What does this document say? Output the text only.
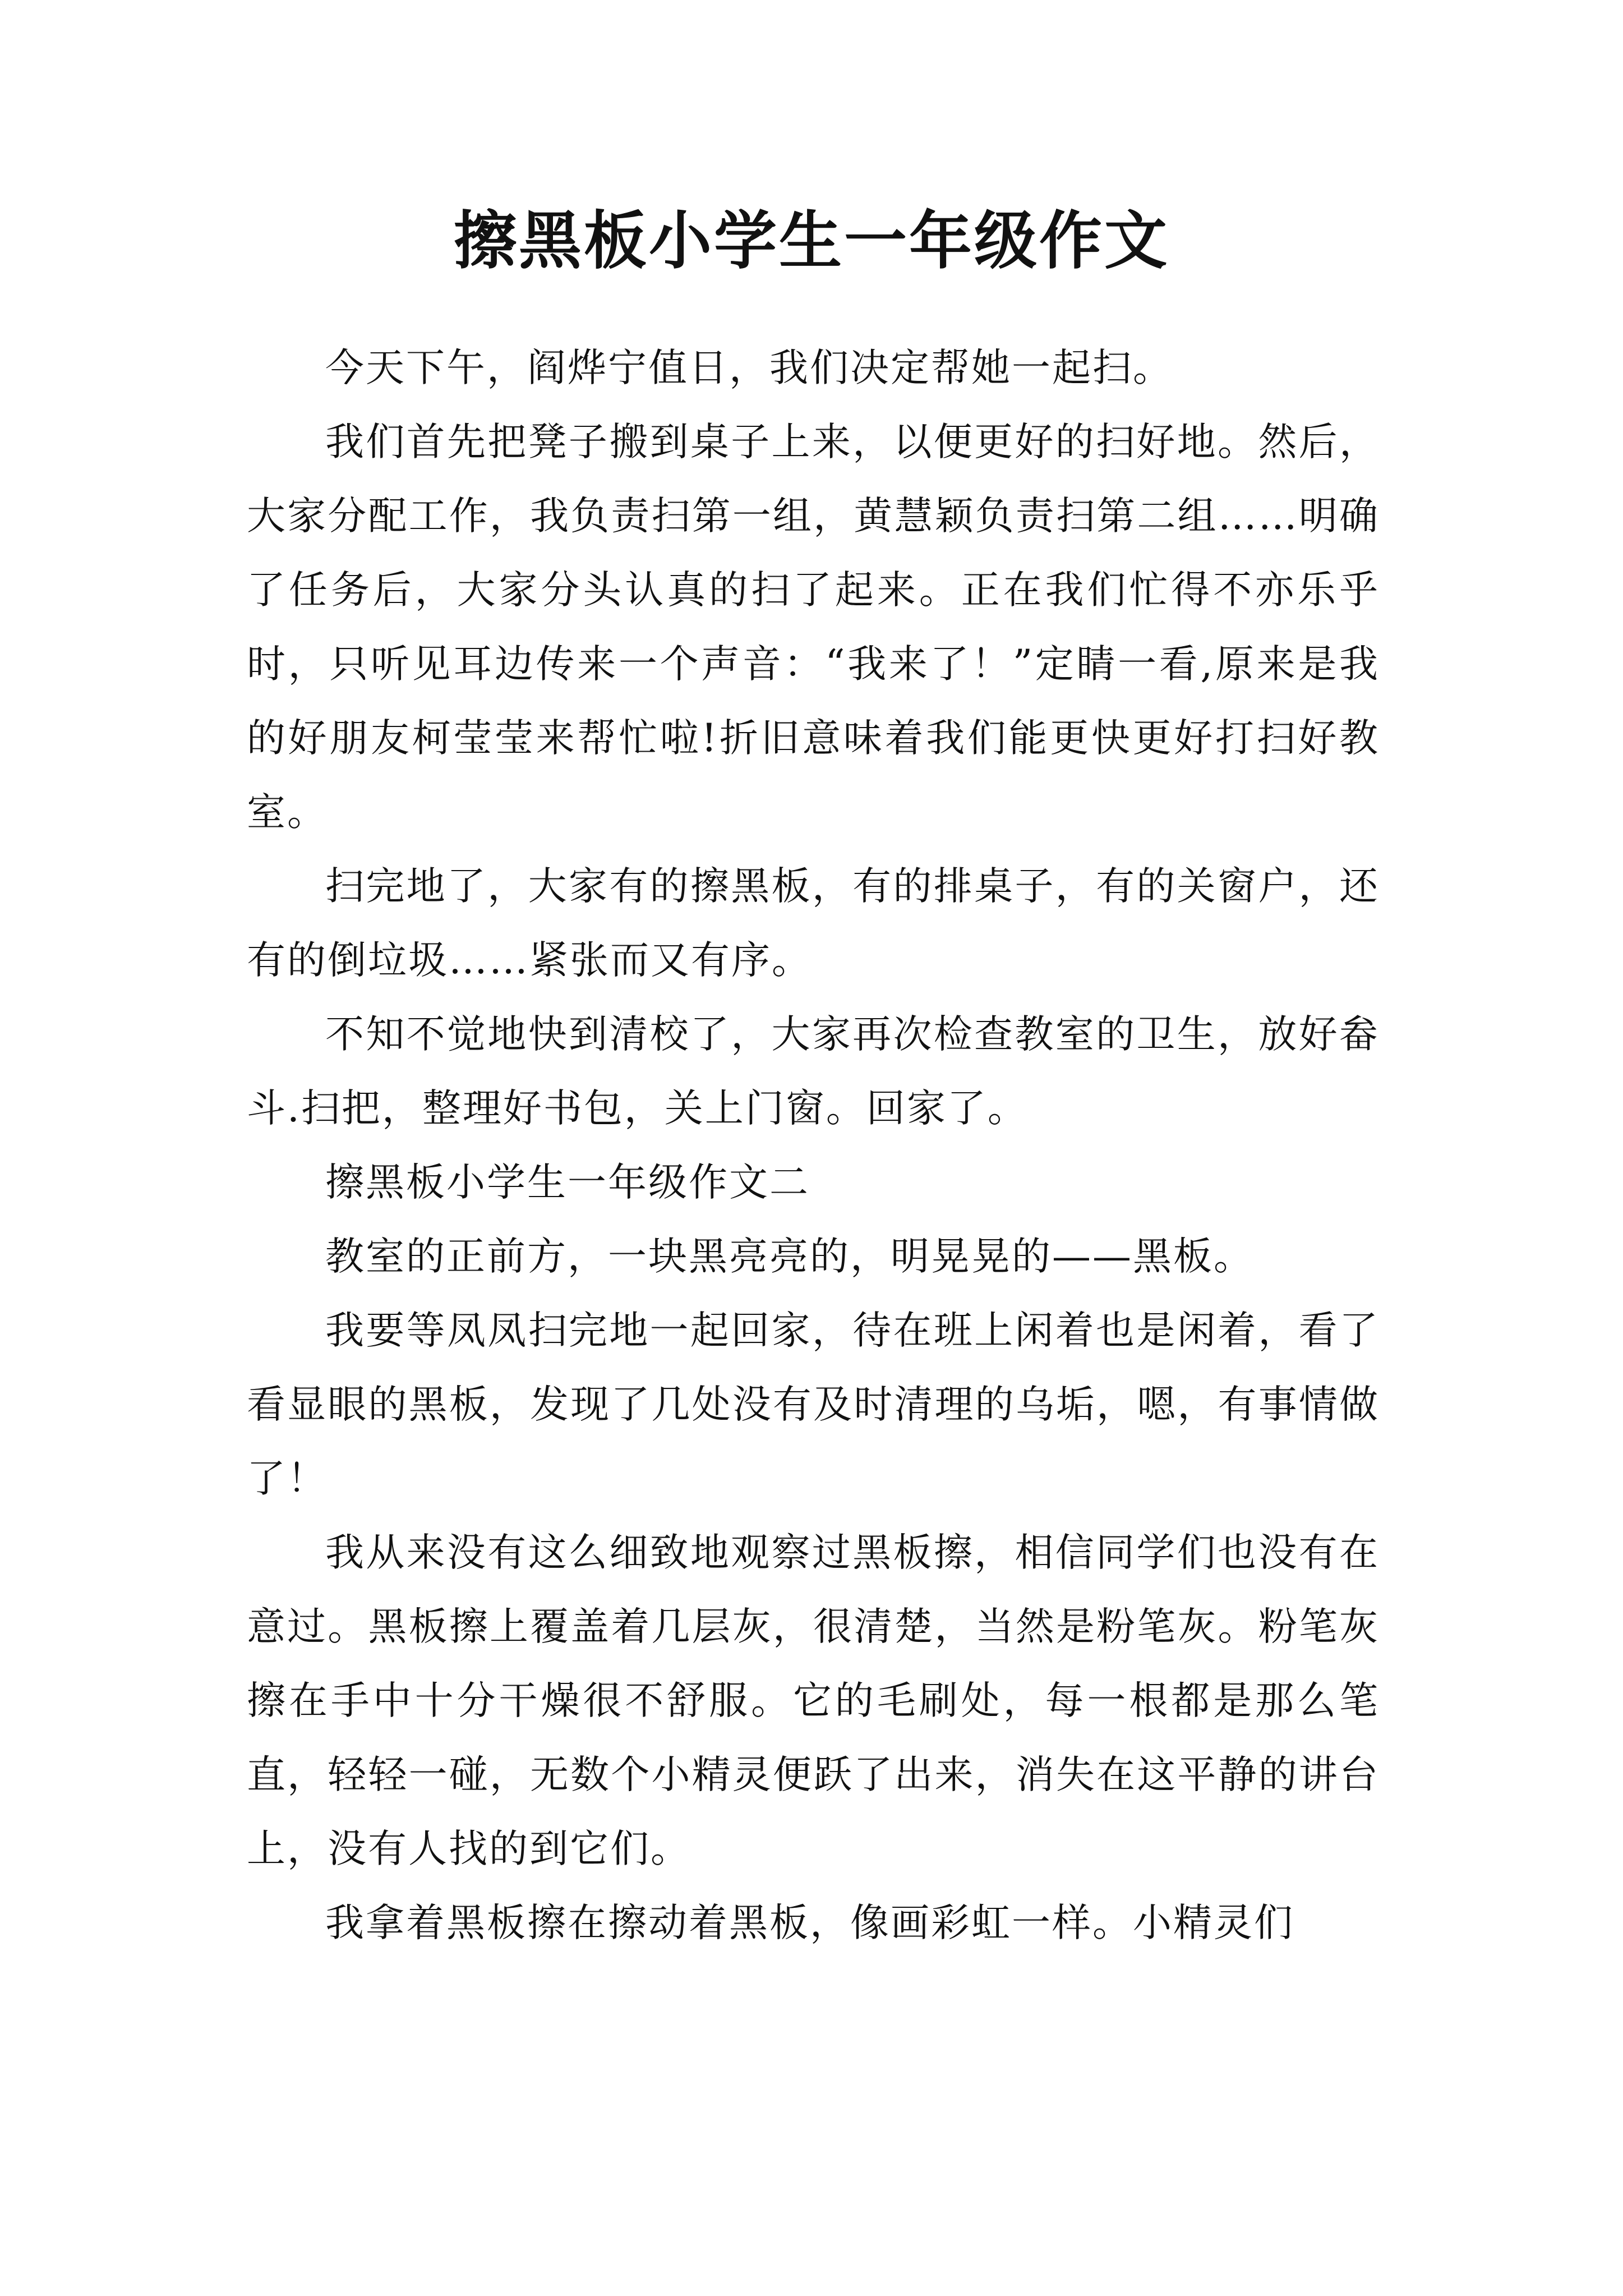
擦黑板小学生一年级作文

今天下午，阎烨宁值日，我们决定帮她一起扫。

我们首先把凳子搬到桌子上来，以便更好的扫好地。然后，大家分配工作，我负责扫第一组，黄慧颖负责扫第二组……明确了任务后，大家分头认真的扫了起来。正在我们忙得不亦乐乎时，只听见耳边传来一个声音：“我来了！”定睛一看,原来是我的好朋友柯莹莹来帮忙啦!折旧意味着我们能更快更好打扫好教室。

扫完地了，大家有的擦黑板，有的排桌子，有的关窗户，还有的倒垃圾……紧张而又有序。

不知不觉地快到清校了，大家再次检查教室的卫生，放好畚斗.扫把，整理好书包，关上门窗。回家了。

擦黑板小学生一年级作文二

教室的正前方，一块黑亮亮的，明晃晃的——黑板。

我要等凤凤扫完地一起回家，待在班上闲着也是闲着，看了看显眼的黑板，发现了几处没有及时清理的乌垢，嗯，有事情做了！

我从来没有这么细致地观察过黑板擦，相信同学们也没有在意过。黑板擦上覆盖着几层灰，很清楚，当然是粉笔灰。粉笔灰擦在手中十分干燥很不舒服。它的毛刷处，每一根都是那么笔直，轻轻一碰，无数个小精灵便跃了出来，消失在这平静的讲台上，没有人找的到它们。

我拿着黑板擦在擦动着黑板，像画彩虹一样。小精灵们
